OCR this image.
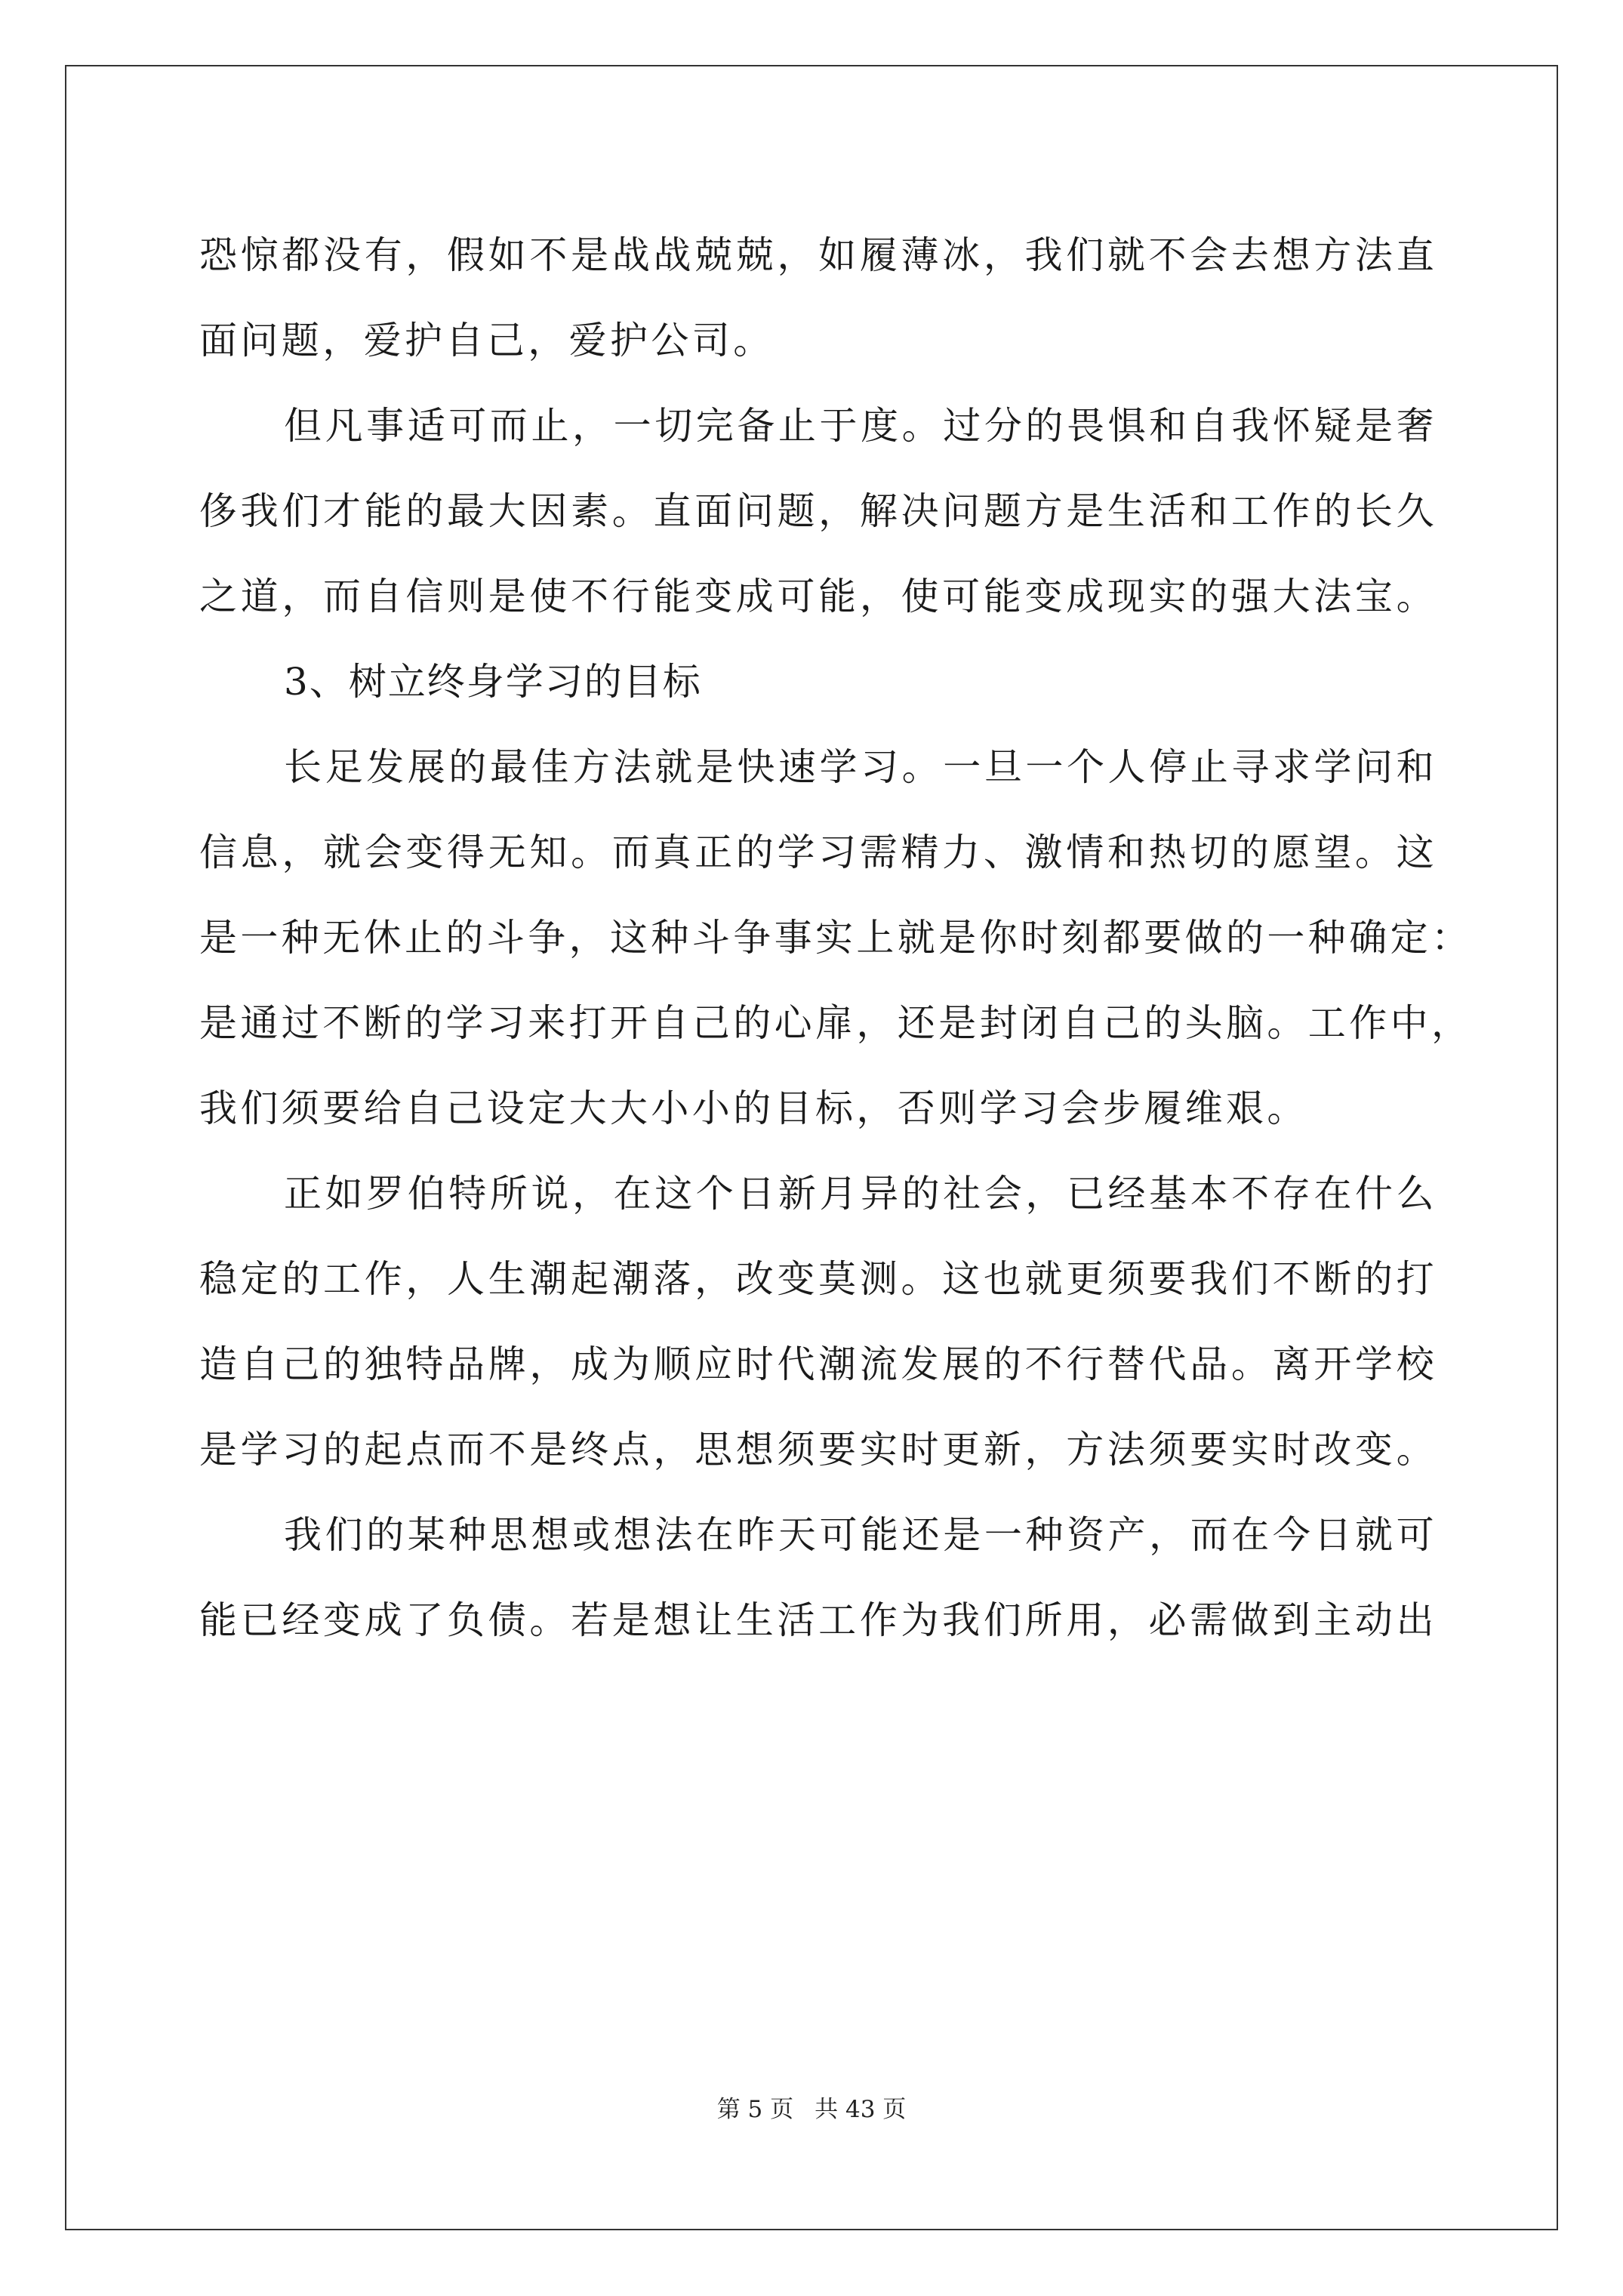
恐惊都没有，假如不是战战兢兢，如履薄冰，我们就不会去想方法直
面问题，爱护自己，爱护公司。
但凡事适可而止，一切完备止于度。过分的畏惧和自我怀疑是奢
侈我们才能的最大因素。直面问题，解决问题方是生活和工作的长久
之道，而自信则是使不行能变成可能，使可能变成现实的强大法宝。
3、树立终身学习的目标
长足发展的最佳方法就是快速学习。一旦一个人停止寻求学问和
信息，就会变得无知。而真正的学习需精力、激情和热切的愿望。这
是一种无休止的斗争，这种斗争事实上就是你时刻都要做的一种确定：
是通过不断的学习来打开自己的心扉，还是封闭自己的头脑。工作中，
我们须要给自己设定大大小小的目标，否则学习会步履维艰。
正如罗伯特所说，在这个日新月异的社会，已经基本不存在什么
稳定的工作，人生潮起潮落，改变莫测。这也就更须要我们不断的打
造自己的独特品牌，成为顺应时代潮流发展的不行替代品。离开学校
是学习的起点而不是终点，思想须要实时更新，方法须要实时改变。
我们的某种思想或想法在昨天可能还是一种资产，而在今日就可
能已经变成了负债。若是想让生活工作为我们所用，必需做到主动出
第 5 页 共 43 页
